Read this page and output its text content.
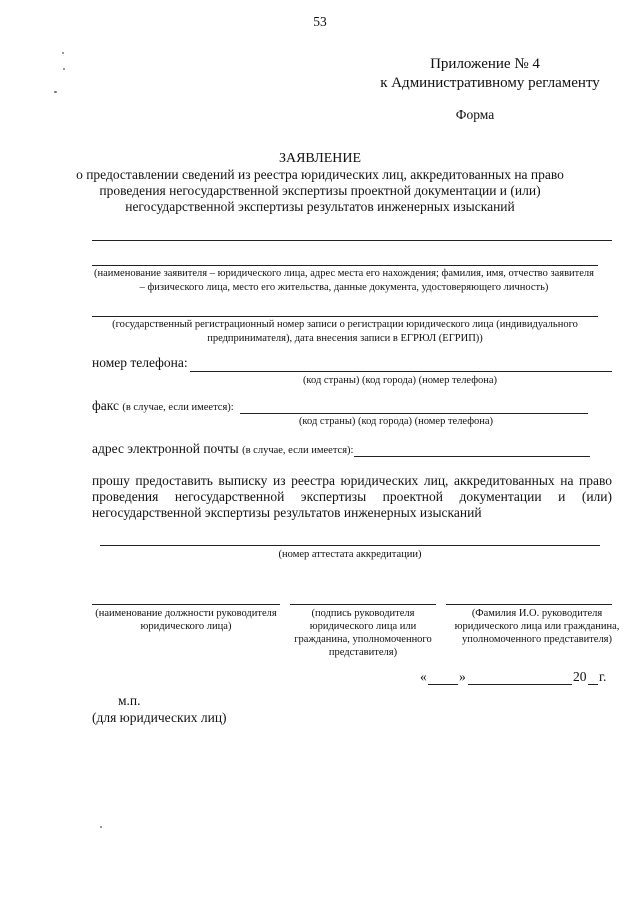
53
Приложение № 4
к Административному регламенту
Форма
ЗАЯВЛЕНИЕ
о предоставлении сведений из реестра юридических лиц, аккредитованных на право
проведения негосударственной экспертизы проектной документации и (или)
негосударственной экспертизы результатов инженерных изысканий
(наименование заявителя – юридического лица, адрес места его нахождения; фамилия, имя, отчество заявителя
– физического лица, место его жительства, данные документа, удостоверяющего личность)
(государственный регистрационный номер записи о регистрации юридического лица (индивидуального
предпринимателя), дата внесения записи в ЕГРЮЛ (ЕГРИП))
номер телефона:
(код страны) (код города) (номер телефона)
факс (в случае, если имеется):
(код страны) (код города) (номер телефона)
адрес электронной почты (в случае, если имеется):
прошу предоставить выписку из реестра юридических лиц, аккредитованных на право
проведения негосударственной экспертизы проектной документации и (или)
негосударственной экспертизы результатов инженерных изысканий
(номер аттестата аккредитации)
(наименование должности руководителя
юридического лица)
(подпись руководителя
юридического лица или
гражданина, уполномоченного
представителя)
(Фамилия И.О. руководителя
юридического лица или гражданина,
уполномоченного представителя)
« »	20 г.
м.п.
(для юридических лиц)
